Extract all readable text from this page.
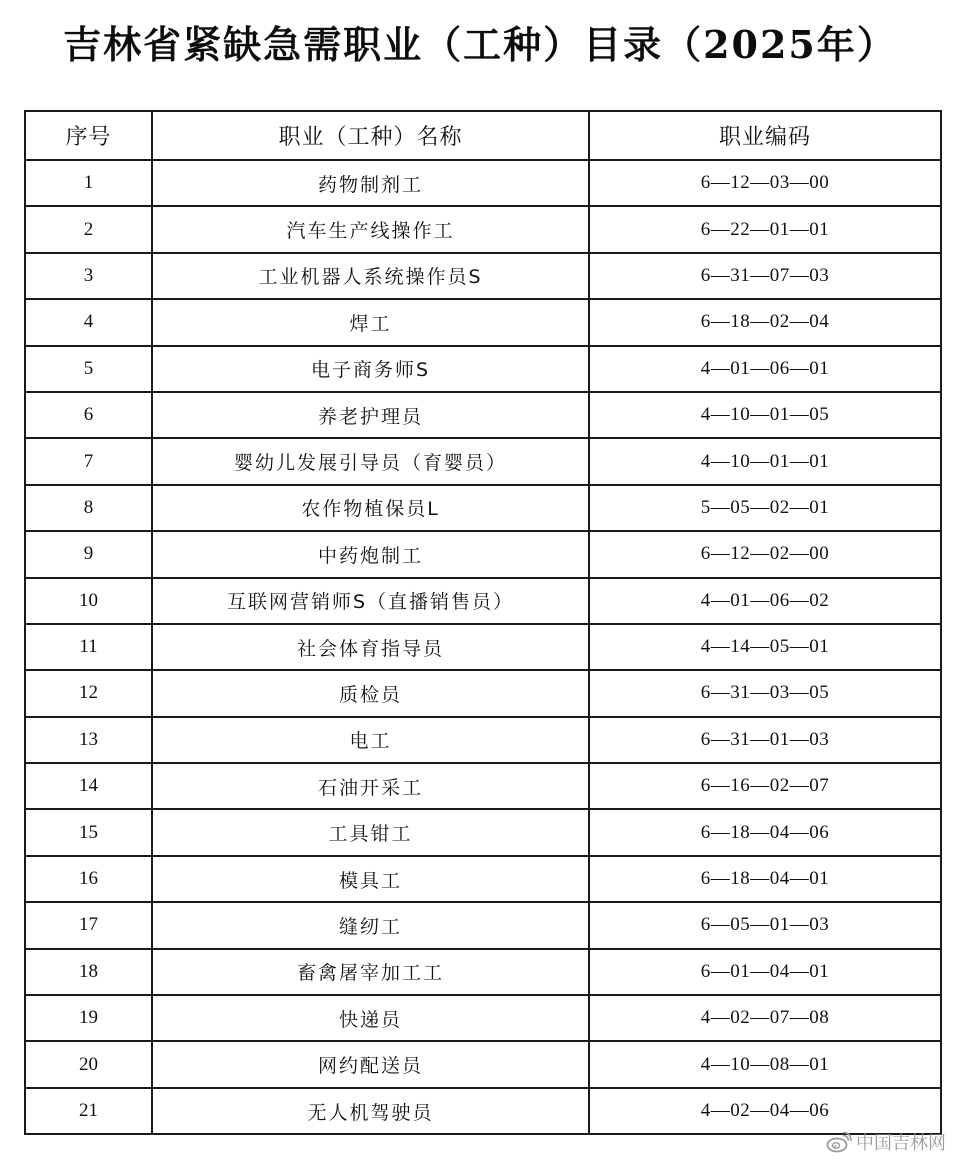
吉林省紧缺急需职业（工种）目录（2025年）
序号	职业（工种）名称	职业编码
1	药物制剂工	6—12—03—00
2	汽车生产线操作工	6—22—01—01
3	工业机器人系统操作员S	6—31—07—03
4	焊工	6—18—02—04
5	电子商务师S	4—01—06—01
6	养老护理员	4—10—01—05
7	婴幼儿发展引导员（育婴员）	4—10—01—01
8	农作物植保员L	5—05—02—01
9	中药炮制工	6—12—02—00
10	互联网营销师S（直播销售员）	4—01—06—02
11	社会体育指导员	4—14—05—01
12	质检员	6—31—03—05
13	电工	6—31—01—03
14	石油开采工	6—16—02—07
15	工具钳工	6—18—04—06
16	模具工	6—18—04—01
17	缝纫工	6—05—01—03
18	畜禽屠宰加工工	6—01—04—01
19	快递员	4—02—07—08
20	网约配送员	4—10—08—01
21	无人机驾驶员	4—02—04—06
中国吉林网
